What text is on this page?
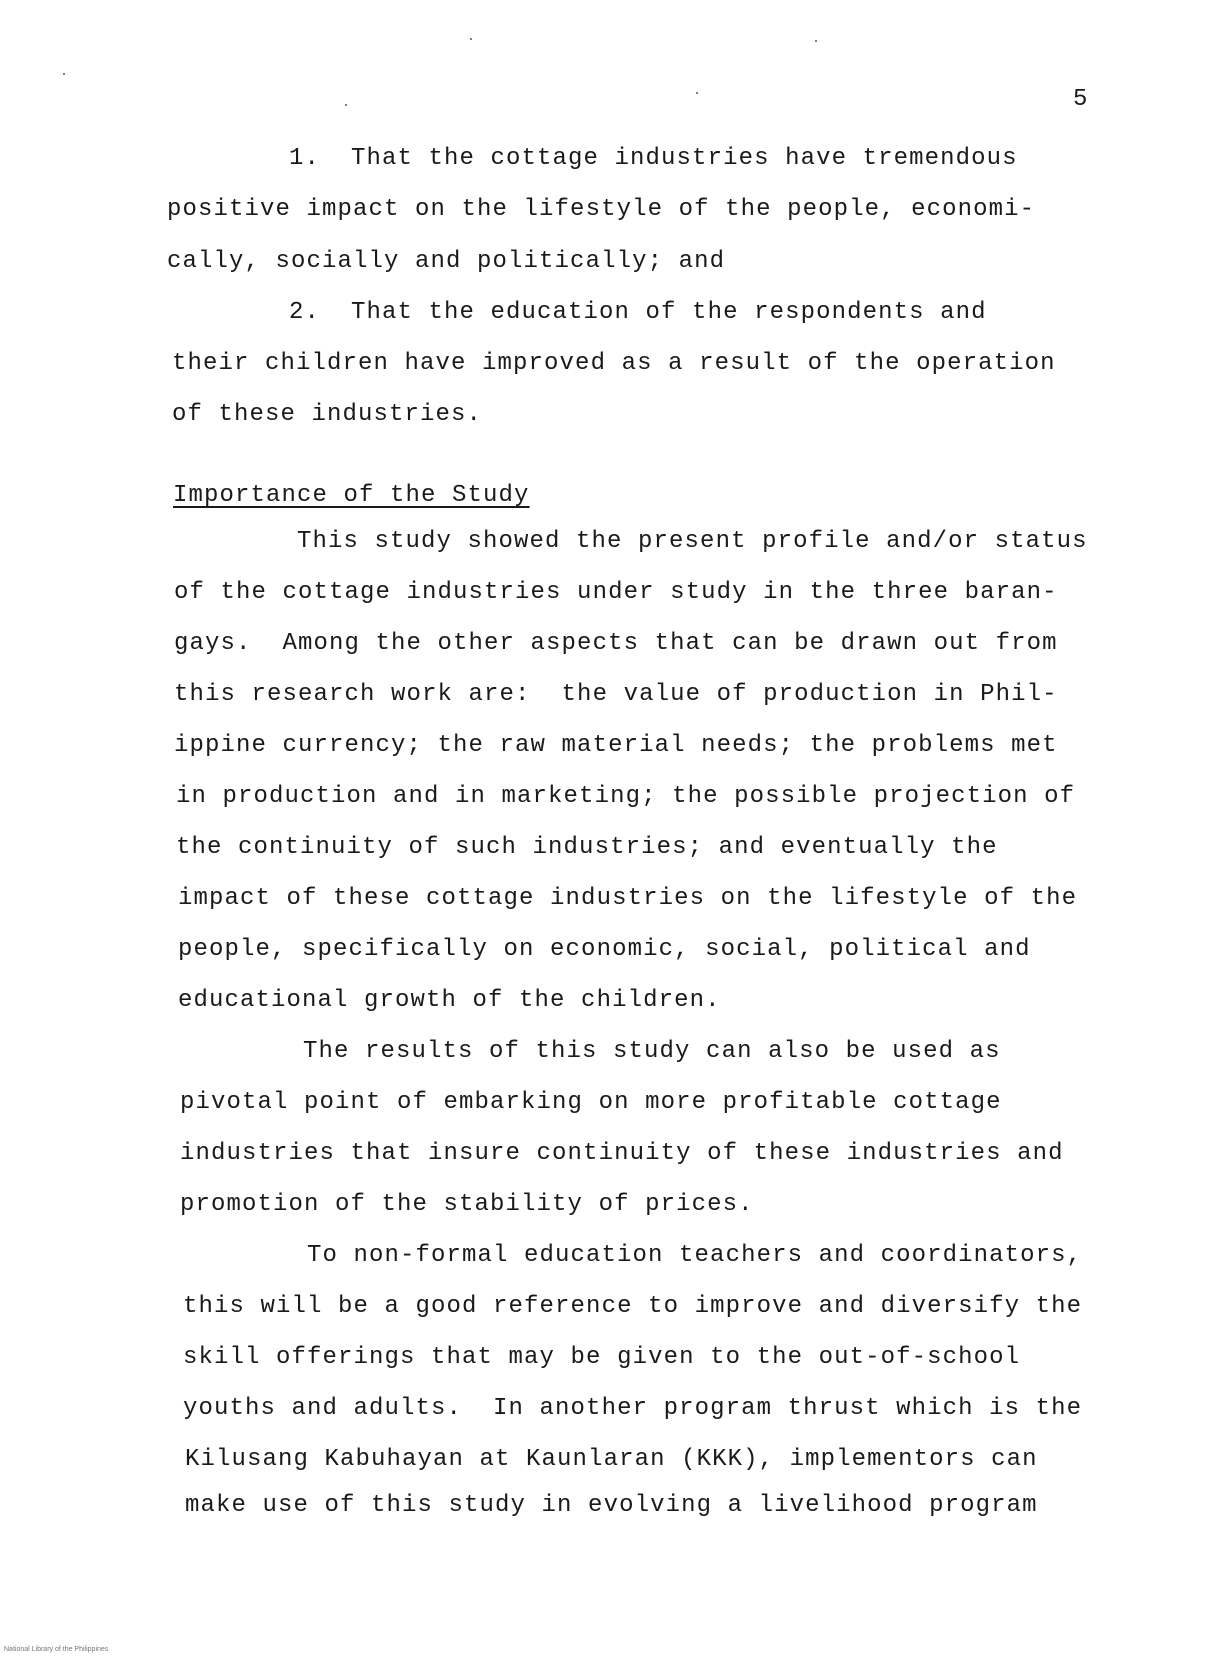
5
1.  That the cottage industries have tremendous
positive impact on the lifestyle of the people, economi-
cally, socially and politically; and
2.  That the education of the respondents and
their children have improved as a result of the operation
of these industries.
Importance of the Study
This study showed the present profile and/or status
of the cottage industries under study in the three baran-
gays.  Among the other aspects that can be drawn out from
this research work are:  the value of production in Phil-
ippine currency; the raw material needs; the problems met
in production and in marketing; the possible projection of
the continuity of such industries; and eventually the
impact of these cottage industries on the lifestyle of the
people, specifically on economic, social, political and
educational growth of the children.
The results of this study can also be used as
pivotal point of embarking on more profitable cottage
industries that insure continuity of these industries and
promotion of the stability of prices.
To non-formal education teachers and coordinators,
this will be a good reference to improve and diversify the
skill offerings that may be given to the out-of-school
youths and adults.  In another program thrust which is the
Kilusang Kabuhayan at Kaunlaran (KKK), implementors can
make use of this study in evolving a livelihood program
National Library of the Philippines
